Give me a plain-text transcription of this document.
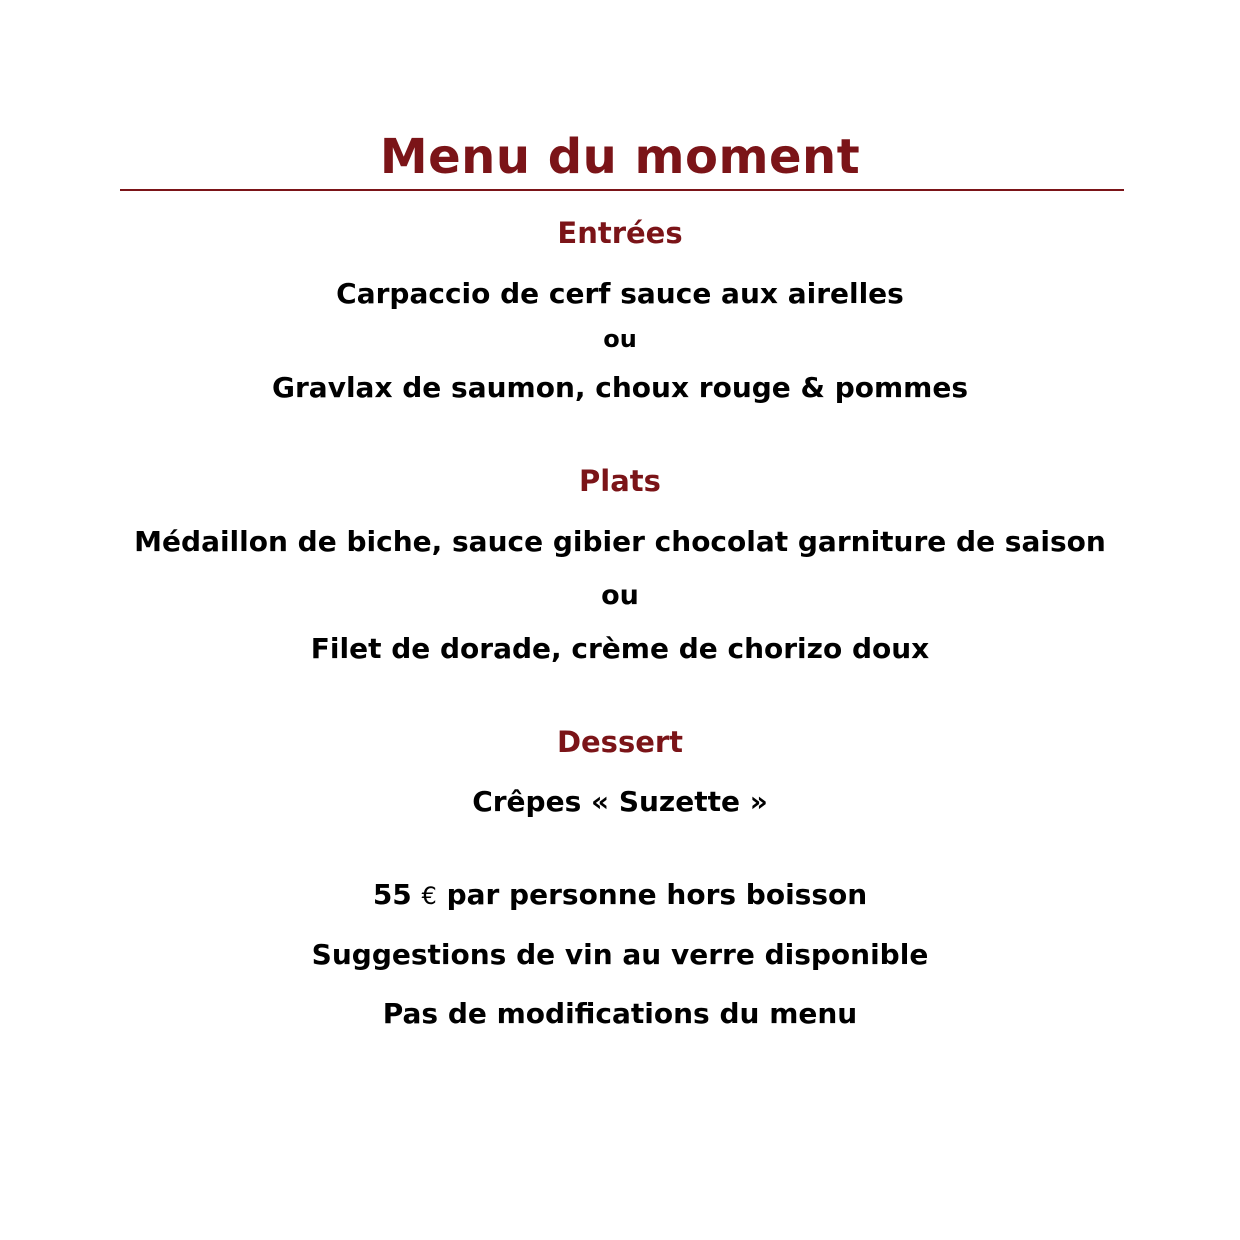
Menu du moment
Entrées
Carpaccio de cerf sauce aux airelles
ou
Gravlax de saumon, choux rouge & pommes
Plats
Médaillon de biche, sauce gibier chocolat garniture de saison
ou
Filet de dorade, crème de chorizo doux
Dessert
Crêpes « Suzette »
55 € par personne hors boisson
Suggestions de vin au verre disponible
Pas de modifications du menu
